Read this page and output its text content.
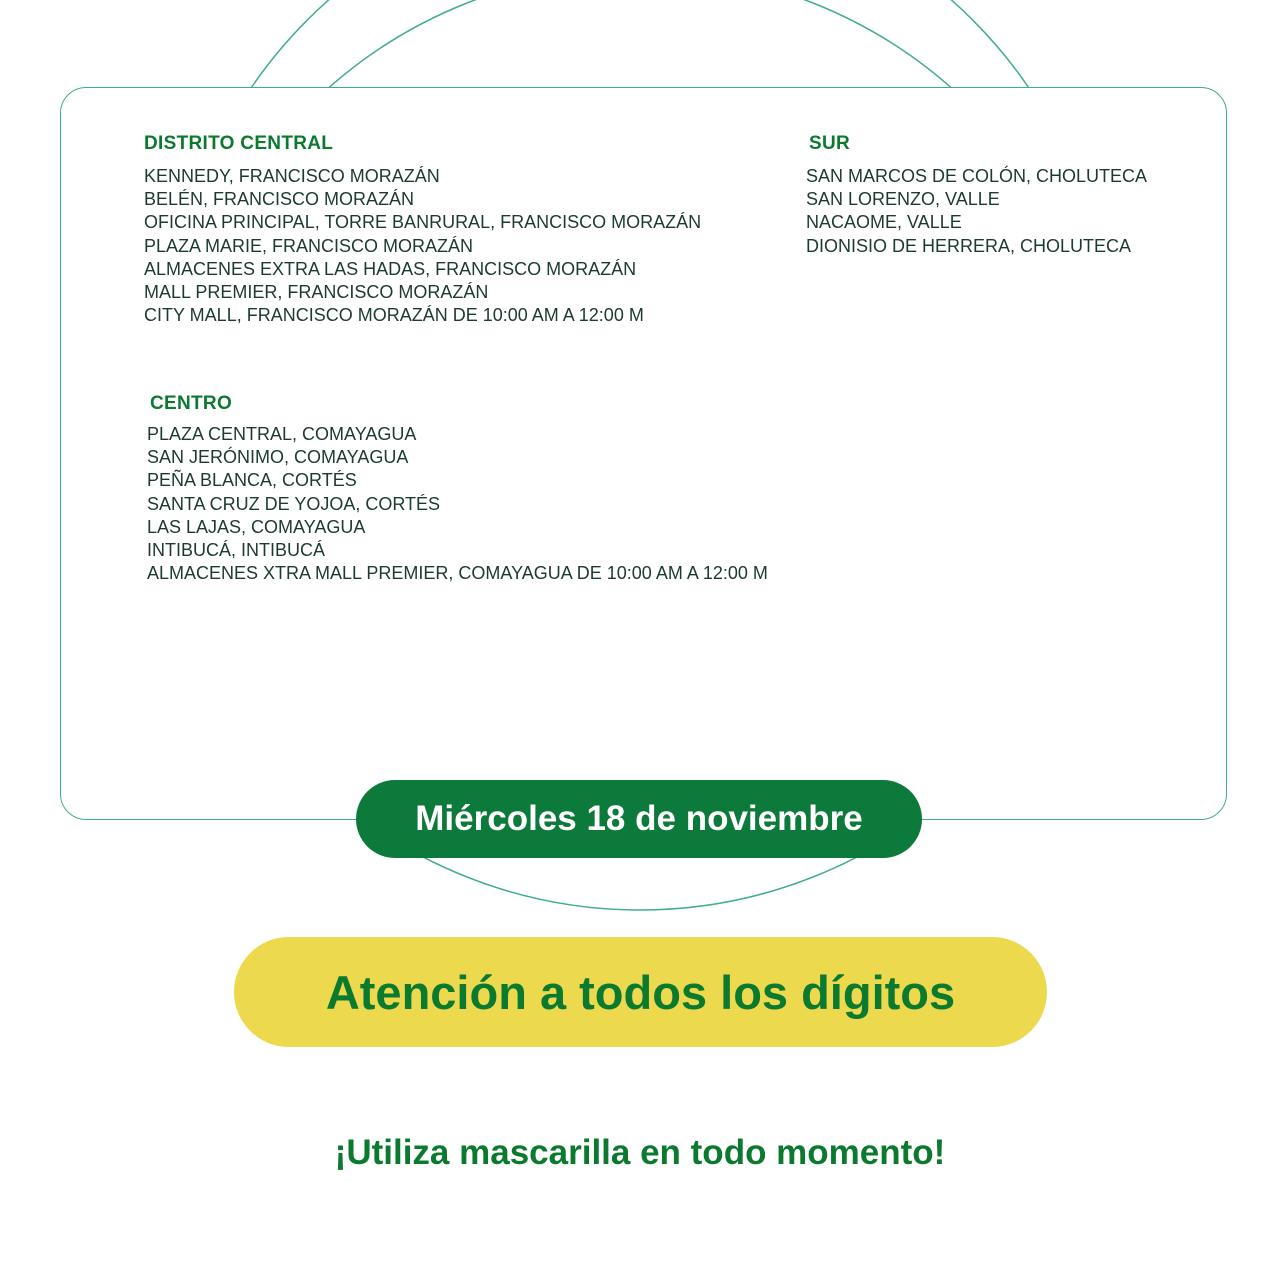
DISTRITO CENTRAL
KENNEDY, FRANCISCO MORAZÁN
BELÉN, FRANCISCO MORAZÁN
OFICINA PRINCIPAL, TORRE BANRURAL, FRANCISCO MORAZÁN
PLAZA MARIE, FRANCISCO MORAZÁN
ALMACENES EXTRA LAS HADAS, FRANCISCO MORAZÁN
MALL PREMIER, FRANCISCO MORAZÁN
CITY MALL, FRANCISCO MORAZÁN DE 10:00 AM A 12:00 M
SUR
SAN MARCOS DE COLÓN, CHOLUTECA
SAN LORENZO, VALLE
NACAOME, VALLE
DIONISIO DE HERRERA, CHOLUTECA
CENTRO
PLAZA CENTRAL, COMAYAGUA
SAN JERÓNIMO, COMAYAGUA
PEÑA BLANCA, CORTÉS
SANTA CRUZ DE YOJOA, CORTÉS
LAS LAJAS, COMAYAGUA
INTIBUCÁ, INTIBUCÁ
ALMACENES XTRA MALL PREMIER, COMAYAGUA DE 10:00 AM A 12:00 M
Miércoles 18 de noviembre
Atención a todos los dígitos
¡Utiliza mascarilla en todo momento!
